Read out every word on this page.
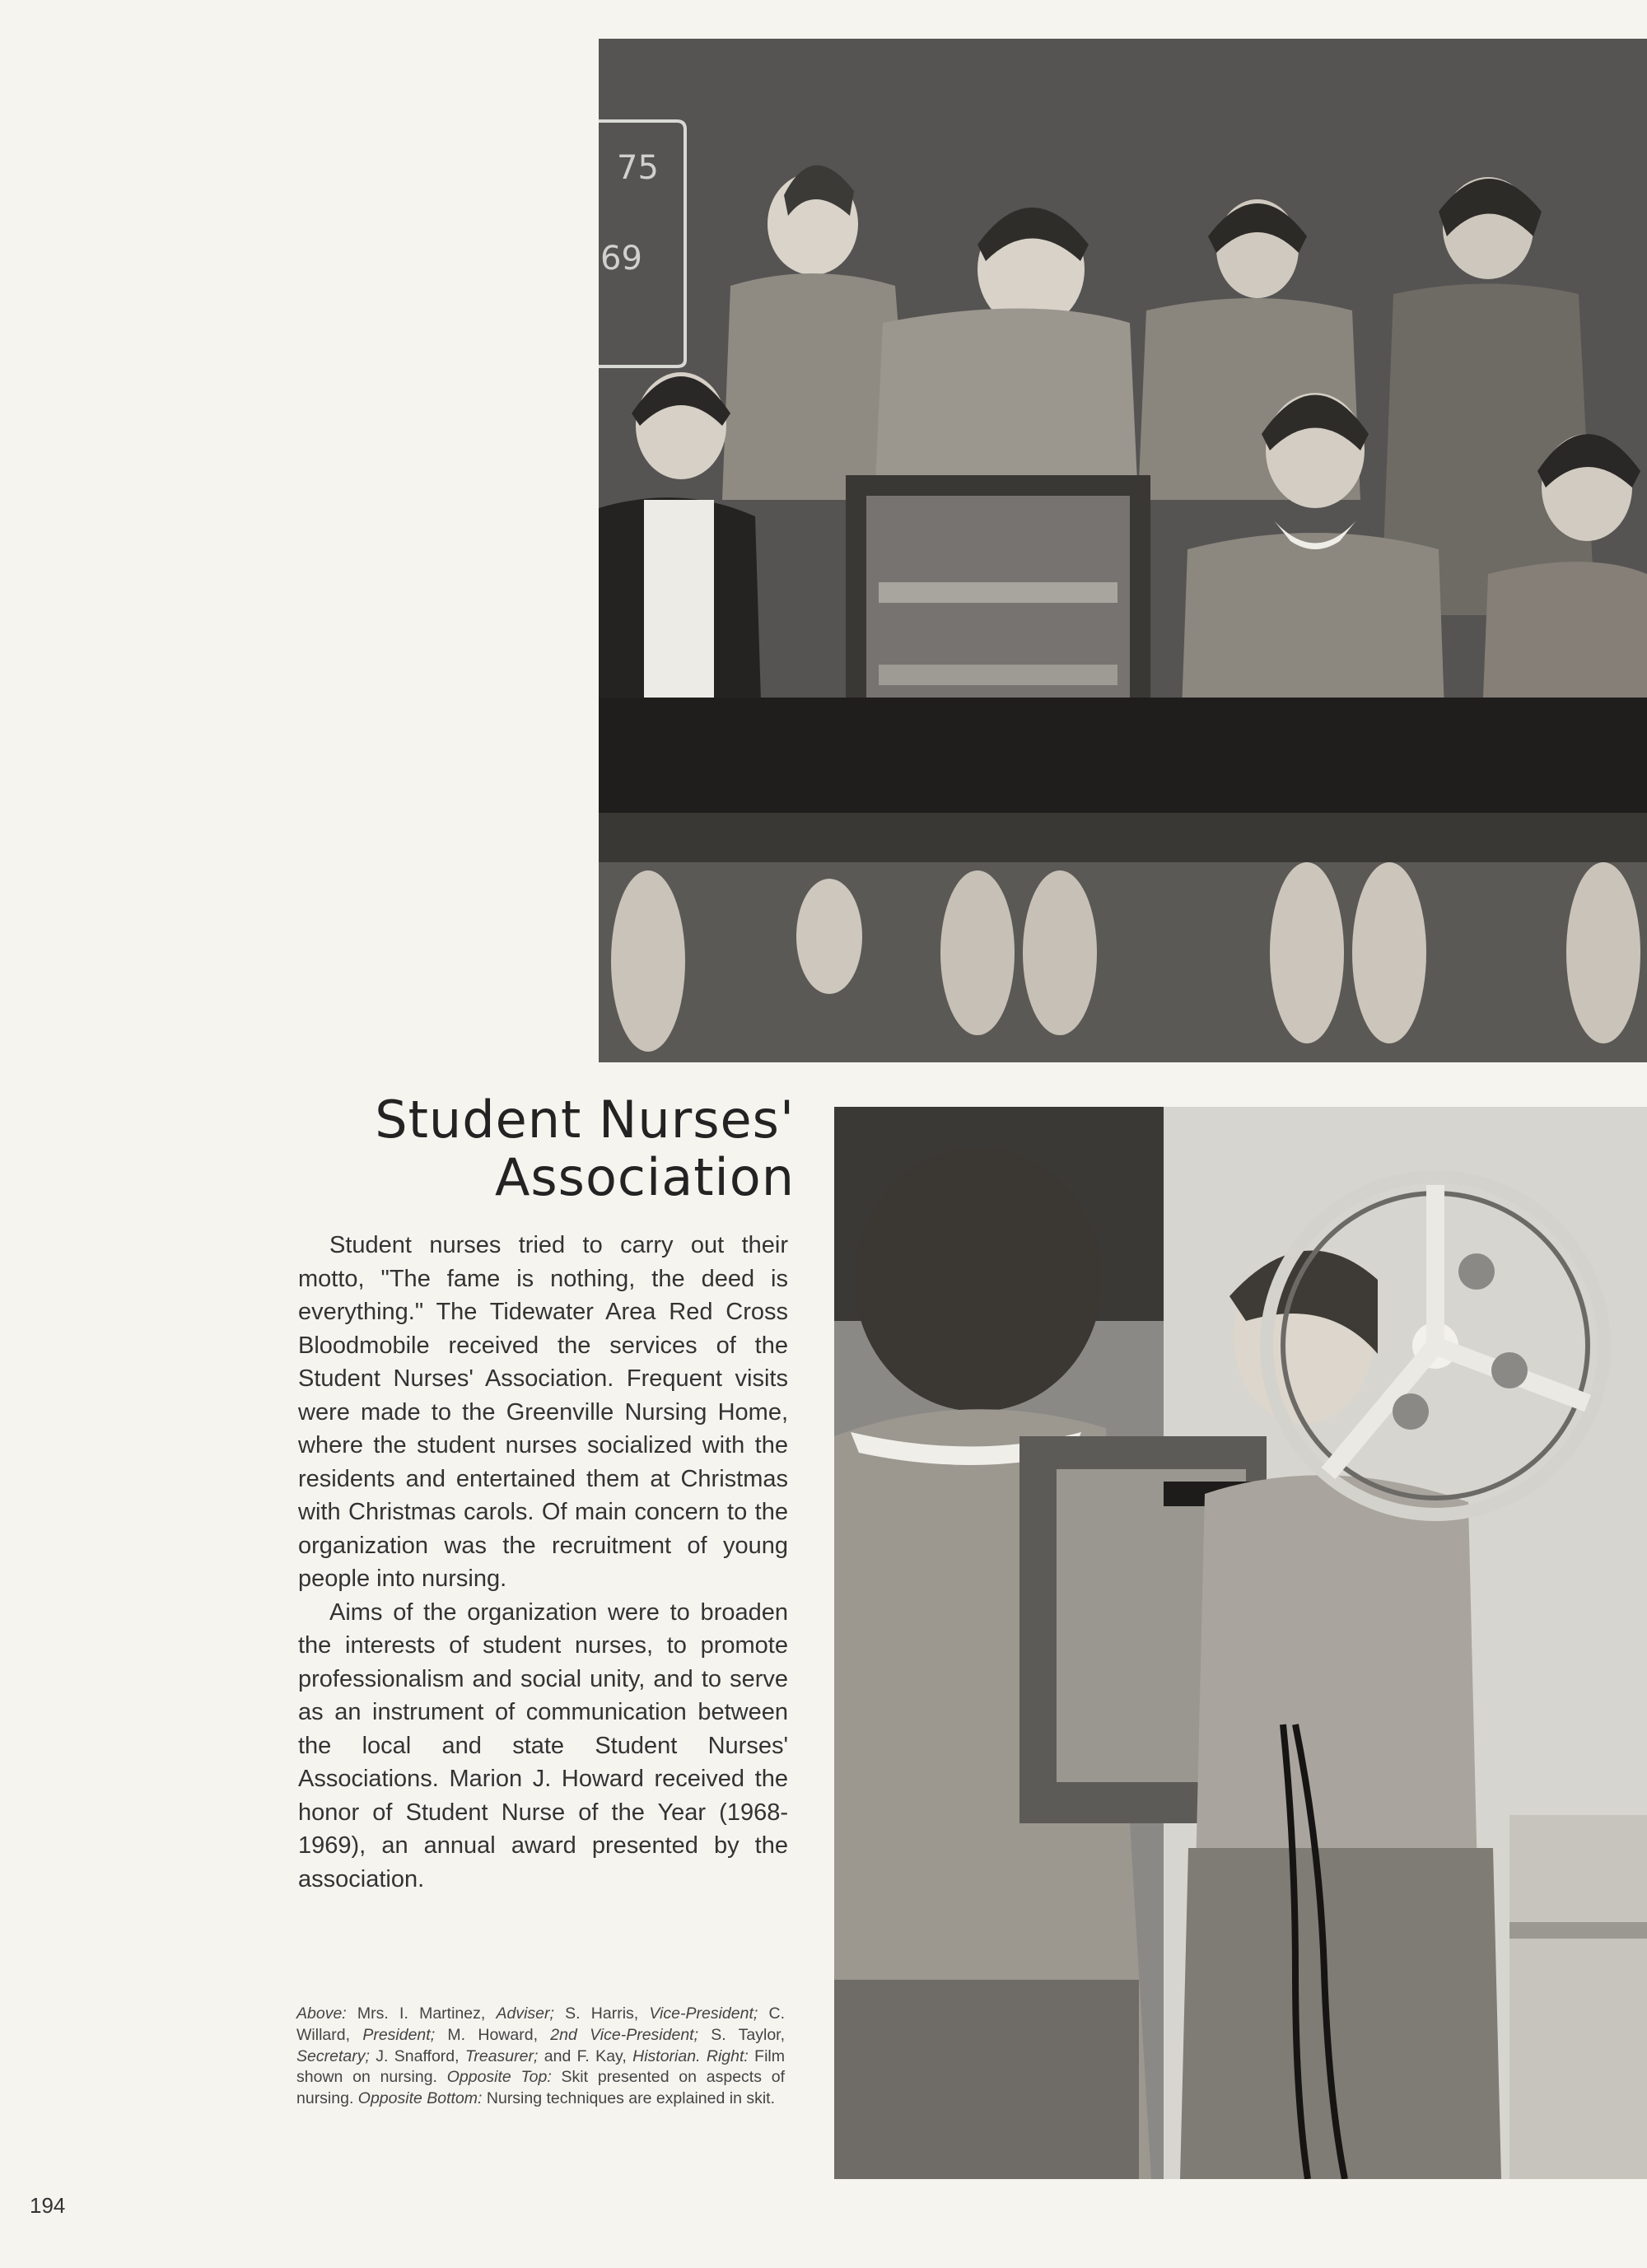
75
69
Student Nurses'
Association

Student nurses tried to carry out their motto, "The fame is nothing, the deed is everything." The Tidewater Area Red Cross Bloodmobile received the services of the Student Nurses' Association. Frequent visits were made to the Greenville Nursing Home, where the student nurses socialized with the residents and entertained them at Christmas with Christmas carols. Of main concern to the organization was the recruitment of young people into nursing.

Aims of the organization were to broaden the interests of student nurses, to promote professionalism and social unity, and to serve as an instrument of communication between the local and state Student Nurses' Associations. Marion J. Howard received the honor of Student Nurse of the Year (1968-1969), an annual award presented by the association.

Above: Mrs. I. Martinez, Adviser; S. Harris, Vice-President; C. Willard, President; M. Howard, 2nd Vice-President; S. Taylor, Secretary; J. Snafford, Treasurer; and F. Kay, Historian. Right: Film shown on nursing. Opposite Top: Skit presented on aspects of nursing. Opposite Bottom: Nursing techniques are explained in skit.
194
